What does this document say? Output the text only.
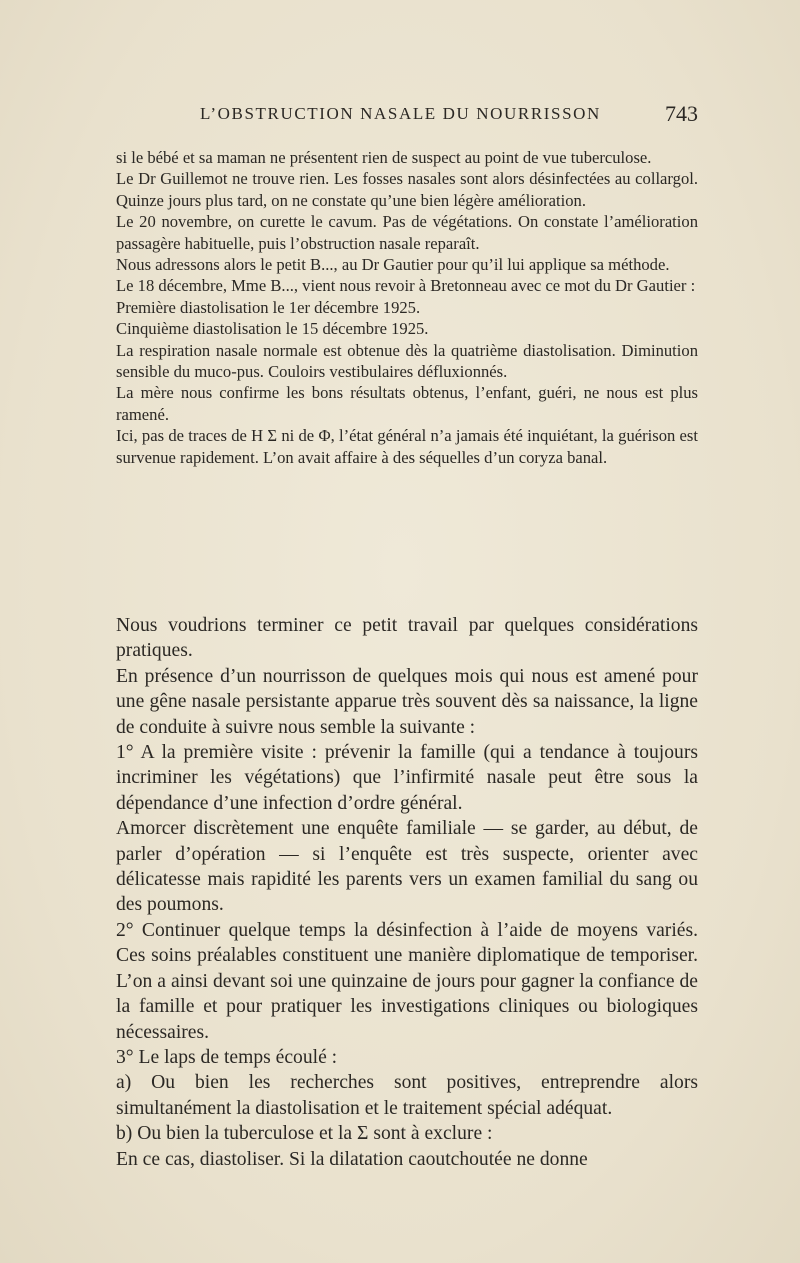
L’OBSTRUCTION NASALE DU NOURRISSON	743

si le bébé et sa maman ne présentent rien de suspect au point de vue tuberculose.

Le Dr Guillemot ne trouve rien. Les fosses nasales sont alors désinfectées au collargol. Quinze jours plus tard, on ne constate qu’une bien légère amélioration.

Le 20 novembre, on curette le cavum. Pas de végétations. On constate l’amélioration passagère habituelle, puis l’obstruction nasale reparaît.

Nous adressons alors le petit B..., au Dr Gautier pour qu’il lui applique sa méthode.

Le 18 décembre, Mme B..., vient nous revoir à Bretonneau avec ce mot du Dr Gautier :

Première diastolisation le 1er décembre 1925.

Cinquième diastolisation le 15 décembre 1925.

La respiration nasale normale est obtenue dès la quatrième diastolisation. Diminution sensible du muco-pus. Couloirs vestibulaires défluxionnés.

La mère nous confirme les bons résultats obtenus, l’enfant, guéri, ne nous est plus ramené.

Ici, pas de traces de H Σ ni de Φ, l’état général n’a jamais été inquiétant, la guérison est survenue rapidement. L’on avait affaire à des séquelles d’un coryza banal.

Nous voudrions terminer ce petit travail par quelques considérations pratiques.

En présence d’un nourrisson de quelques mois qui nous est amené pour une gêne nasale persistante apparue très souvent dès sa naissance, la ligne de conduite à suivre nous semble la suivante :

1° A la première visite : prévenir la famille (qui a tendance à toujours incriminer les végétations) que l’infirmité nasale peut être sous la dépendance d’une infection d’ordre général.

Amorcer discrètement une enquête familiale — se garder, au début, de parler d’opération — si l’enquête est très suspecte, orienter avec délicatesse mais rapidité les parents vers un examen familial du sang ou des poumons.

2° Continuer quelque temps la désinfection à l’aide de moyens variés. Ces soins préalables constituent une manière diplomatique de temporiser. L’on a ainsi devant soi une quinzaine de jours pour gagner la confiance de la famille et pour pratiquer les investigations cliniques ou biologiques nécessaires.

3° Le laps de temps écoulé :

a) Ou bien les recherches sont positives, entreprendre alors simultanément la diastolisation et le traitement spécial adéquat.

b) Ou bien la tuberculose et la Σ sont à exclure :

En ce cas, diastoliser. Si la dilatation caoutchoutée ne donne
